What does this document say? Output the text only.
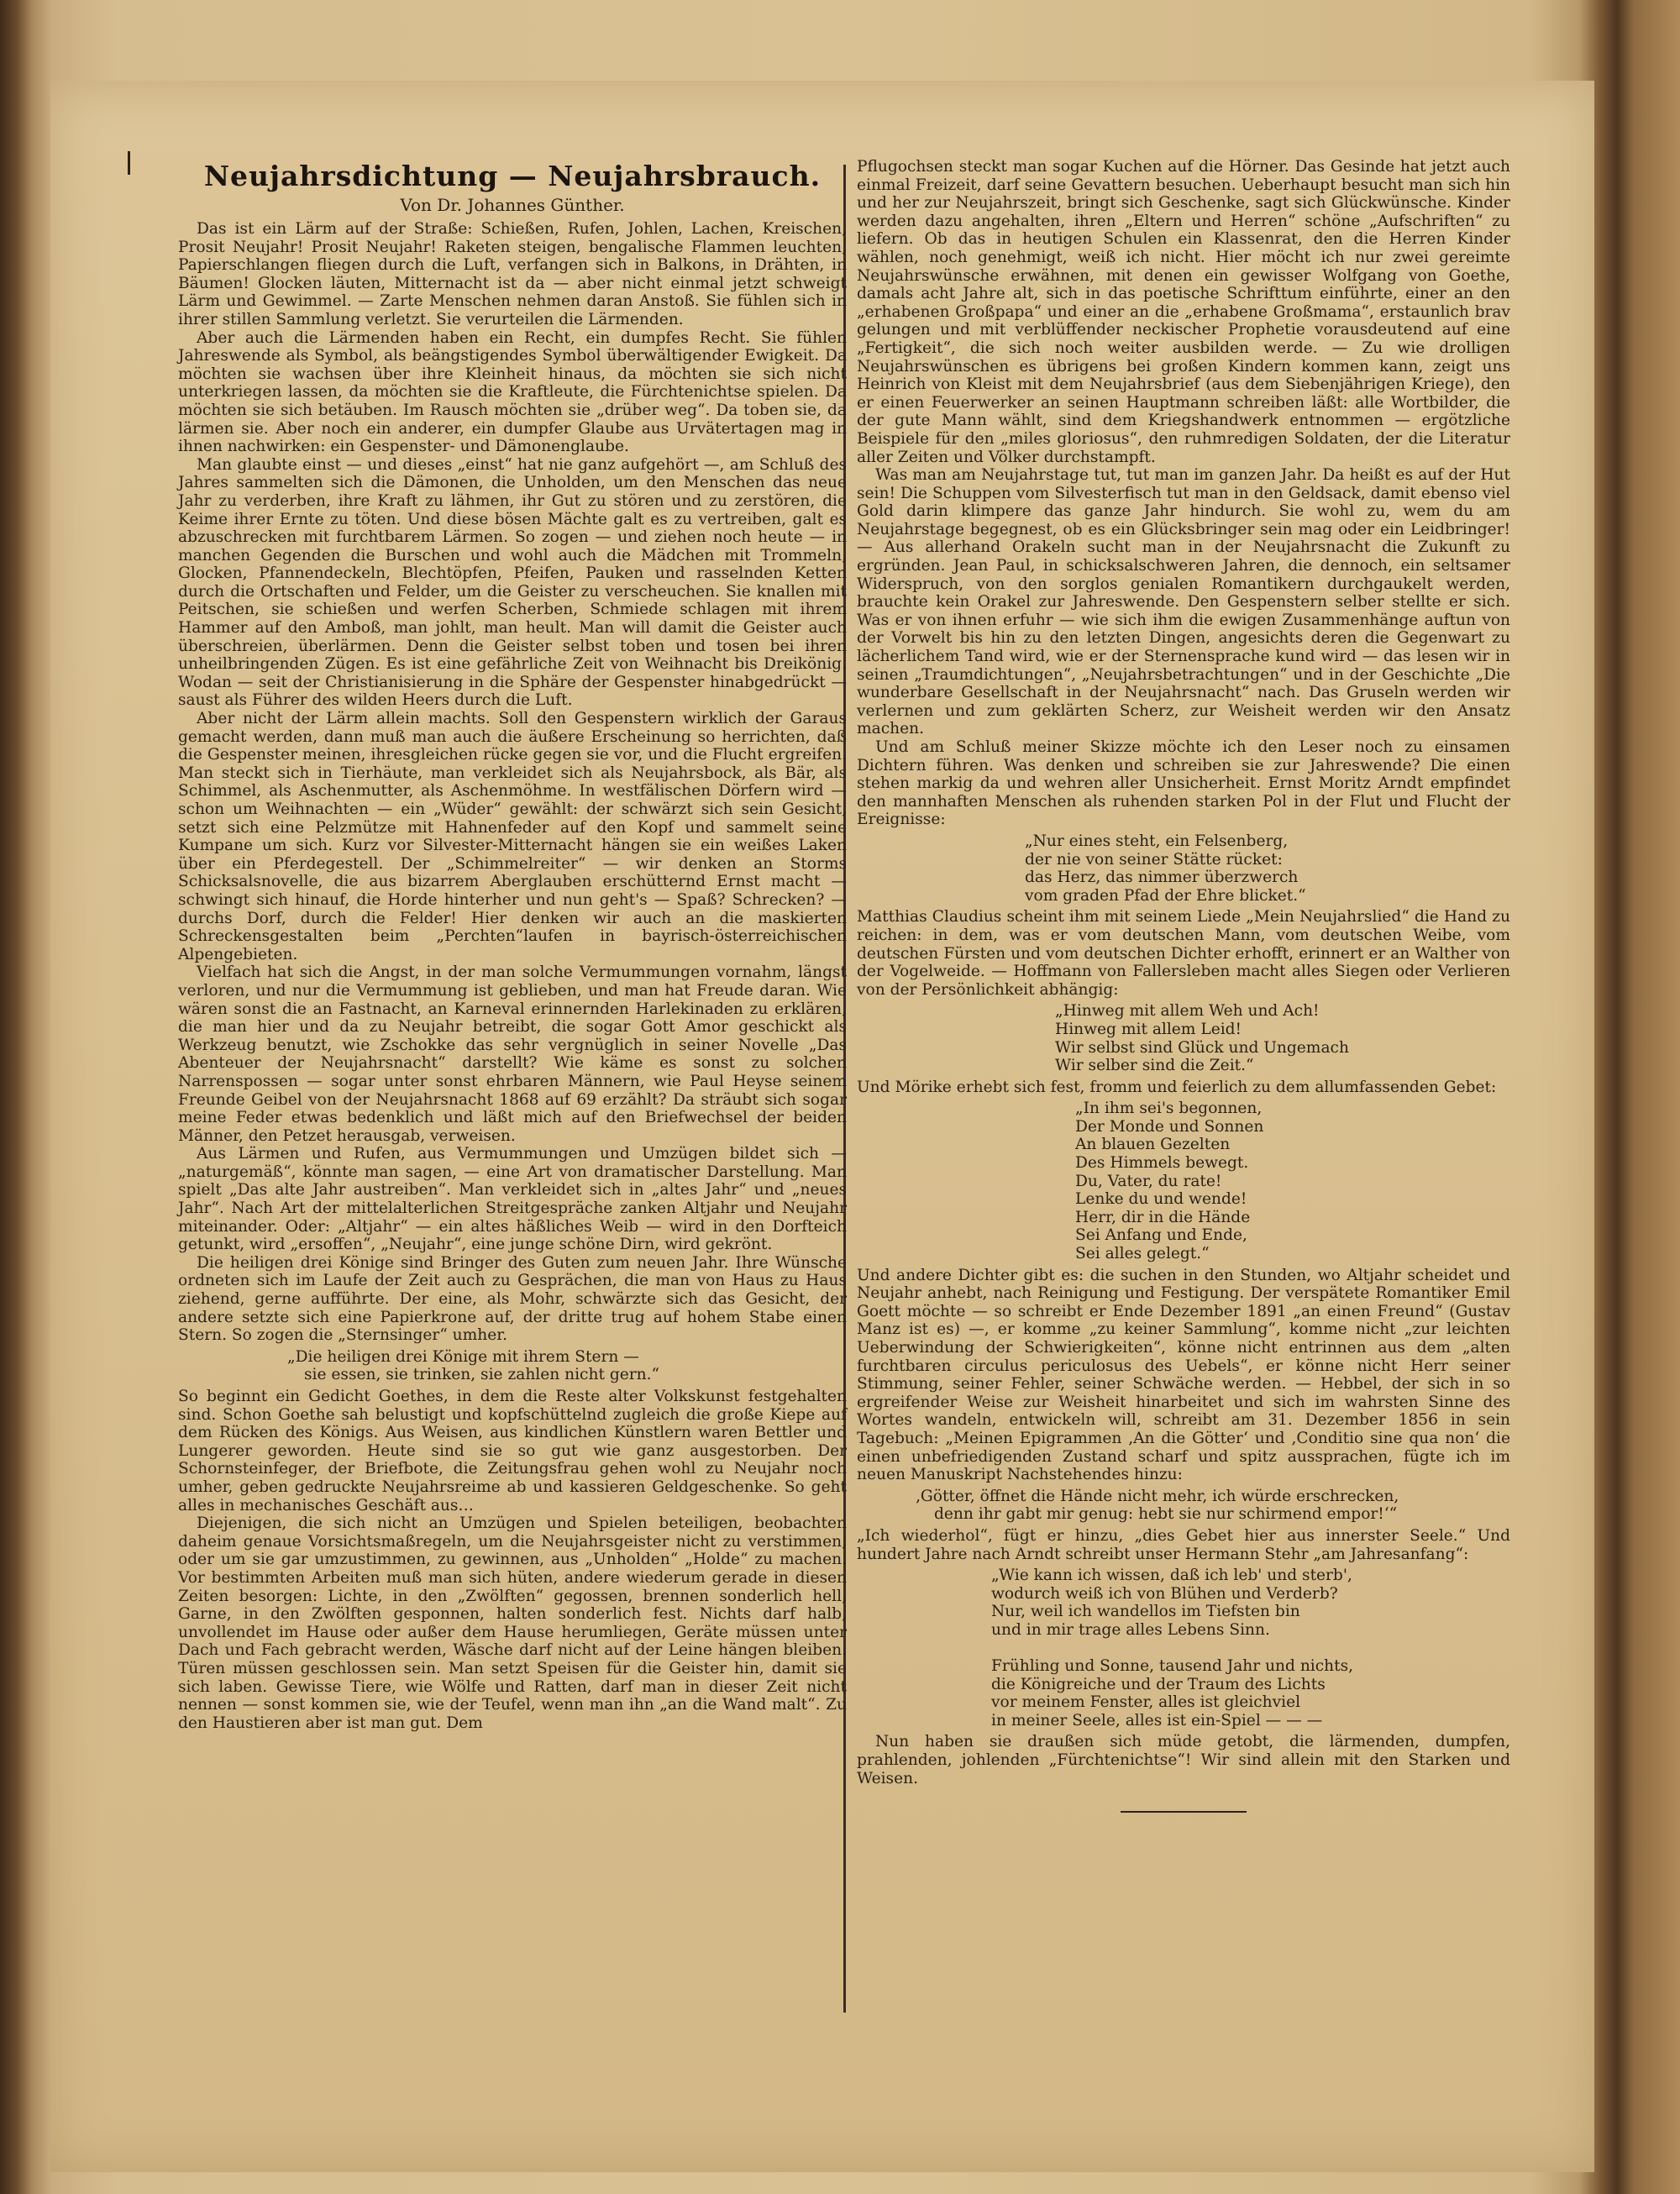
Neujahrsdichtung — Neujahrsbrauch.
Von Dr. Johannes Günther.

Das ist ein Lärm auf der Straße: Schießen, Rufen, Johlen, Lachen, Kreischen, Prosit Neujahr! Prosit Neujahr! Raketen steigen, bengalische Flammen leuchten, Papierschlangen fliegen durch die Luft, verfangen sich in Balkons, in Drähten, in Bäumen! Glocken läuten, Mitternacht ist da — aber nicht einmal jetzt schweigt Lärm und Gewimmel. — Zarte Menschen nehmen daran Anstoß. Sie fühlen sich in ihrer stillen Sammlung verletzt. Sie verurteilen die Lärmenden.

Aber auch die Lärmenden haben ein Recht, ein dumpfes Recht. Sie fühlen Jahreswende als Symbol, als beängstigendes Symbol überwältigender Ewigkeit. Da möchten sie wachsen über ihre Kleinheit hinaus, da möchten sie sich nicht unterkriegen lassen, da möchten sie die Kraftleute, die Fürchtenichtse spielen. Da möchten sie sich betäuben. Im Rausch möchten sie „drüber weg“. Da toben sie, da lärmen sie. Aber noch ein anderer, ein dumpfer Glaube aus Urvätertagen mag in ihnen nachwirken: ein Gespenster- und Dämonenglaube.

Man glaubte einst — und dieses „einst“ hat nie ganz aufgehört —, am Schluß des Jahres sammelten sich die Dämonen, die Unholden, um den Menschen das neue Jahr zu verderben, ihre Kraft zu lähmen, ihr Gut zu stören und zu zerstören, die Keime ihrer Ernte zu töten. Und diese bösen Mächte galt es zu vertreiben, galt es abzuschrecken mit furchtbarem Lärmen. So zogen — und ziehen noch heute — in manchen Gegenden die Burschen und wohl auch die Mädchen mit Trommeln, Glocken, Pfannendeckeln, Blechtöpfen, Pfeifen, Pauken und rasselnden Ketten durch die Ortschaften und Felder, um die Geister zu verscheuchen. Sie knallen mit Peitschen, sie schießen und werfen Scherben, Schmiede schlagen mit ihrem Hammer auf den Amboß, man johlt, man heult. Man will damit die Geister auch überschreien, überlärmen. Denn die Geister selbst toben und tosen bei ihren unheilbringenden Zügen. Es ist eine gefährliche Zeit von Weihnacht bis Dreikönig. Wodan — seit der Christianisierung in die Sphäre der Gespenster hinabgedrückt — saust als Führer des wilden Heers durch die Luft.

Aber nicht der Lärm allein machts. Soll den Gespenstern wirklich der Garaus gemacht werden, dann muß man auch die äußere Erscheinung so herrichten, daß die Gespenster meinen, ihresgleichen rücke gegen sie vor, und die Flucht ergreifen. Man steckt sich in Tierhäute, man verkleidet sich als Neujahrsbock, als Bär, als Schimmel, als Aschenmutter, als Aschenmöhme. In westfälischen Dörfern wird — schon um Weihnachten — ein „Wüder“ gewählt: der schwärzt sich sein Gesicht, setzt sich eine Pelzmütze mit Hahnenfeder auf den Kopf und sammelt seine Kumpane um sich. Kurz vor Silvester-Mitternacht hängen sie ein weißes Laken über ein Pferdegestell. Der „Schimmelreiter“ — wir denken an Storms Schicksalsnovelle, die aus bizarrem Aberglauben erschütternd Ernst macht — schwingt sich hinauf, die Horde hinterher und nun geht's — Spaß? Schrecken? — durchs Dorf, durch die Felder! Hier denken wir auch an die maskierten Schreckensgestalten beim „Perchten“laufen in bayrisch-österreichischen Alpengebieten.

Vielfach hat sich die Angst, in der man solche Vermummungen vornahm, längst verloren, und nur die Vermummung ist geblieben, und man hat Freude daran. Wie wären sonst die an Fastnacht, an Karneval erinnernden Harlekinaden zu erklären, die man hier und da zu Neujahr betreibt, die sogar Gott Amor geschickt als Werkzeug benutzt, wie Zschokke das sehr vergnüglich in seiner Novelle „Das Abenteuer der Neujahrsnacht“ darstellt? Wie käme es sonst zu solchen Narrenspossen — sogar unter sonst ehrbaren Männern, wie Paul Heyse seinem Freunde Geibel von der Neujahrsnacht 1868 auf 69 erzählt? Da sträubt sich sogar meine Feder etwas bedenklich und läßt mich auf den Briefwechsel der beiden Männer, den Petzet herausgab, verweisen.

Aus Lärmen und Rufen, aus Vermummungen und Umzügen bildet sich — „naturgemäß“, könnte man sagen, — eine Art von dramatischer Darstellung. Man spielt „Das alte Jahr austreiben“. Man verkleidet sich in „altes Jahr“ und „neues Jahr“. Nach Art der mittelalterlichen Streitgespräche zanken Altjahr und Neujahr miteinander. Oder: „Altjahr“ — ein altes häßliches Weib — wird in den Dorfteich getunkt, wird „ersoffen“, „Neujahr“, eine junge schöne Dirn, wird gekrönt.

Die heiligen drei Könige sind Bringer des Guten zum neuen Jahr. Ihre Wünsche ordneten sich im Laufe der Zeit auch zu Gesprächen, die man von Haus zu Haus ziehend, gerne aufführte. Der eine, als Mohr, schwärzte sich das Gesicht, der andere setzte sich eine Papierkrone auf, der dritte trug auf hohem Stabe einen Stern. So zogen die „Sternsinger“ umher.

„Die heiligen drei Könige mit ihrem Stern —
sie essen, sie trinken, sie zahlen nicht gern.“

So beginnt ein Gedicht Goethes, in dem die Reste alter Volkskunst festgehalten sind. Schon Goethe sah belustigt und kopfschüttelnd zugleich die große Kiepe auf dem Rücken des Königs. Aus Weisen, aus kindlichen Künstlern waren Bettler und Lungerer geworden. Heute sind sie so gut wie ganz ausgestorben. Der Schornsteinfeger, der Briefbote, die Zeitungsfrau gehen wohl zu Neujahr noch umher, geben gedruckte Neujahrsreime ab und kassieren Geldgeschenke. So geht alles in mechanisches Geschäft aus…

Diejenigen, die sich nicht an Umzügen und Spielen beteiligen, beobachten daheim genaue Vorsichtsmaßregeln, um die Neujahrsgeister nicht zu verstimmen, oder um sie gar umzustimmen, zu gewinnen, aus „Unholden“ „Holde“ zu machen. Vor bestimmten Arbeiten muß man sich hüten, andere wiederum gerade in diesen Zeiten besorgen: Lichte, in den „Zwölften“ gegossen, brennen sonderlich hell, Garne, in den Zwölften gesponnen, halten sonderlich fest. Nichts darf halb, unvollendet im Hause oder außer dem Hause herumliegen, Geräte müssen unter Dach und Fach gebracht werden, Wäsche darf nicht auf der Leine hängen bleiben. Türen müssen geschlossen sein. Man setzt Speisen für die Geister hin, damit sie sich laben. Gewisse Tiere, wie Wölfe und Ratten, darf man in dieser Zeit nicht nennen — sonst kommen sie, wie der Teufel, wenn man ihn „an die Wand malt“. Zu den Haustieren aber ist man gut. Dem

Pflugochsen steckt man sogar Kuchen auf die Hörner. Das Gesinde hat jetzt auch einmal Freizeit, darf seine Gevattern besuchen. Ueberhaupt besucht man sich hin und her zur Neujahrszeit, bringt sich Geschenke, sagt sich Glückwünsche. Kinder werden dazu angehalten, ihren „Eltern und Herren“ schöne „Aufschriften“ zu liefern. Ob das in heutigen Schulen ein Klassenrat, den die Herren Kinder wählen, noch genehmigt, weiß ich nicht. Hier möcht ich nur zwei gereimte Neujahrswünsche erwähnen, mit denen ein gewisser Wolfgang von Goethe, damals acht Jahre alt, sich in das poetische Schrifttum einführte, einer an den „erhabenen Großpapa“ und einer an die „erhabene Großmama“, erstaunlich brav gelungen und mit verblüffender neckischer Prophetie vorausdeutend auf eine „Fertigkeit“, die sich noch weiter ausbilden werde. — Zu wie drolligen Neujahrswünschen es übrigens bei großen Kindern kommen kann, zeigt uns Heinrich von Kleist mit dem Neujahrsbrief (aus dem Siebenjährigen Kriege), den er einen Feuerwerker an seinen Hauptmann schreiben läßt: alle Wortbilder, die der gute Mann wählt, sind dem Kriegshandwerk entnommen — ergötzliche Beispiele für den „miles gloriosus“, den ruhmredigen Soldaten, der die Literatur aller Zeiten und Völker durchstampft.

Was man am Neujahrstage tut, tut man im ganzen Jahr. Da heißt es auf der Hut sein! Die Schuppen vom Silvesterfisch tut man in den Geldsack, damit ebenso viel Gold darin klimpere das ganze Jahr hindurch. Sie wohl zu, wem du am Neujahrstage begegnest, ob es ein Glücksbringer sein mag oder ein Leidbringer! — Aus allerhand Orakeln sucht man in der Neujahrsnacht die Zukunft zu ergründen. Jean Paul, in schicksalschweren Jahren, die dennoch, ein seltsamer Widerspruch, von den sorglos genialen Romantikern durchgaukelt werden, brauchte kein Orakel zur Jahreswende. Den Gespenstern selber stellte er sich. Was er von ihnen erfuhr — wie sich ihm die ewigen Zusammenhänge auftun von der Vorwelt bis hin zu den letzten Dingen, angesichts deren die Gegenwart zu lächerlichem Tand wird, wie er der Sternensprache kund wird — das lesen wir in seinen „Traumdichtungen“, „Neujahrsbetrachtungen“ und in der Geschichte „Die wunderbare Gesellschaft in der Neujahrsnacht“ nach. Das Gruseln werden wir verlernen und zum geklärten Scherz, zur Weisheit werden wir den Ansatz machen.

Und am Schluß meiner Skizze möchte ich den Leser noch zu einsamen Dichtern führen. Was denken und schreiben sie zur Jahreswende? Die einen stehen markig da und wehren aller Unsicherheit. Ernst Moritz Arndt empfindet den mannhaften Menschen als ruhenden starken Pol in der Flut und Flucht der Ereignisse:

„Nur eines steht, ein Felsenberg,
der nie von seiner Stätte rücket:
das Herz, das nimmer überzwerch
vom graden Pfad der Ehre blicket.“

Matthias Claudius scheint ihm mit seinem Liede „Mein Neujahrslied“ die Hand zu reichen: in dem, was er vom deutschen Mann, vom deutschen Weibe, vom deutschen Fürsten und vom deutschen Dichter erhofft, erinnert er an Walther von der Vogelweide. — Hoffmann von Fallersleben macht alles Siegen oder Verlieren von der Persönlichkeit abhängig:

„Hinweg mit allem Weh und Ach!
Hinweg mit allem Leid!
Wir selbst sind Glück und Ungemach
Wir selber sind die Zeit.“

Und Mörike erhebt sich fest, fromm und feierlich zu dem allumfassenden Gebet:

„In ihm sei's begonnen,
Der Monde und Sonnen
An blauen Gezelten
Des Himmels bewegt.
Du, Vater, du rate!
Lenke du und wende!
Herr, dir in die Hände
Sei Anfang und Ende,
Sei alles gelegt.“

Und andere Dichter gibt es: die suchen in den Stunden, wo Altjahr scheidet und Neujahr anhebt, nach Reinigung und Festigung. Der verspätete Romantiker Emil Goett möchte — so schreibt er Ende Dezember 1891 „an einen Freund“ (Gustav Manz ist es) —, er komme „zu keiner Sammlung“, komme nicht „zur leichten Ueberwindung der Schwierigkeiten“, könne nicht entrinnen aus dem „alten furchtbaren circulus periculosus des Uebels“, er könne nicht Herr seiner Stimmung, seiner Fehler, seiner Schwäche werden. — Hebbel, der sich in so ergreifender Weise zur Weisheit hinarbeitet und sich im wahrsten Sinne des Wortes wandeln, entwickeln will, schreibt am 31. Dezember 1856 in sein Tagebuch: „Meinen Epigrammen ‚An die Götter‘ und ‚Conditio sine qua non‘ die einen unbefriedigenden Zustand scharf und spitz aussprachen, fügte ich im neuen Manuskript Nachstehendes hinzu:

‚Götter, öffnet die Hände nicht mehr, ich würde erschrecken,
denn ihr gabt mir genug: hebt sie nur schirmend empor!‘“

„Ich wiederhol“, fügt er hinzu, „dies Gebet hier aus innerster Seele.“ Und hundert Jahre nach Arndt schreibt unser Hermann Stehr „am Jahresanfang“:

„Wie kann ich wissen, daß ich leb' und sterb',
wodurch weiß ich von Blühen und Verderb?
Nur, weil ich wandellos im Tiefsten bin
und in mir trage alles Lebens Sinn.
Frühling und Sonne, tausend Jahr und nichts,
die Königreiche und der Traum des Lichts
vor meinem Fenster, alles ist gleichviel
in meiner Seele, alles ist ein-Spiel — — —

Nun haben sie draußen sich müde getobt, die lärmenden, dumpfen, prahlenden, johlenden „Fürchtenichtse“! Wir sind allein mit den Starken und Weisen.
